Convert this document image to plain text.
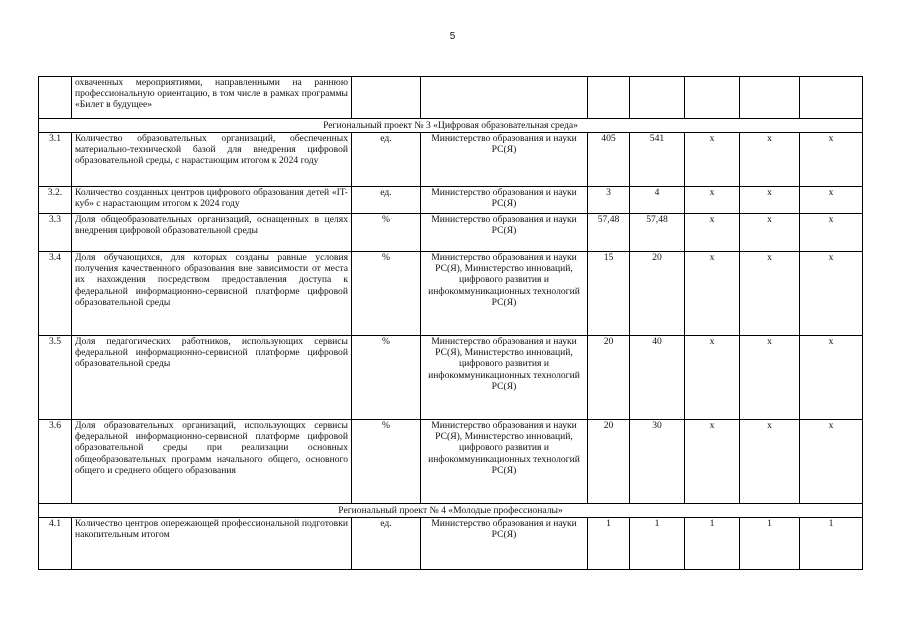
5
	охваченных мероприятиями, направленными на раннюю профессиональную ориентацию, в том числе в рамках программы «Билет в будущее»							
Региональный проект № 3 «Цифровая образовательная среда»								
3.1	Количество образовательных организаций, обеспеченных материально-технической базой для внедрения цифровой образовательной среды, с нарастающим итогом к 2024 году	ед.	Министерство образования и науки РС(Я)	405	541	х	х	х
3.2.	Количество созданных центров цифрового образования детей «IT-куб» с нарастающим итогом к 2024 году	ед.	Министерство образования и науки РС(Я)	3	4	х	х	х
3.3	Доля общеобразовательных организаций, оснащенных в целях внедрения цифровой образовательной среды	%	Министерство образования и науки РС(Я)	57,48	57,48	х	х	х
3.4	Доля обучающихся, для которых созданы равные условия получения качественного образования вне зависимости от места их нахождения посредством предоставления доступа к федеральной информационно-сервисной платформе цифровой образовательной среды	%	Министерство образования и науки РС(Я), Министерство инноваций, цифрового развития и инфокоммуникационных технологий РС(Я)	15	20	х	х	х
3.5	Доля педагогических работников, использующих сервисы федеральной информационно-сервисной платформе цифровой образовательной среды	%	Министерство образования и науки РС(Я), Министерство инноваций, цифрового развития и инфокоммуникационных технологий РС(Я)	20	40	х	х	х
3.6	Доля образовательных организаций, использующих сервисы федеральной информационно-сервисной платформе цифровой образовательной среды при реализации основных общеобразовательных программ начального общего, основного общего и среднего общего образования	%	Министерство образования и науки РС(Я), Министерство инноваций, цифрового развития и инфокоммуникационных технологий РС(Я)	20	30	х	х	х
Региональный проект № 4 «Молодые профессионалы»								
4.1	Количество центров опережающей профессиональной подготовки накопительным итогом	ед.	Министерство образования и науки РС(Я)	1	1	1	1	1
